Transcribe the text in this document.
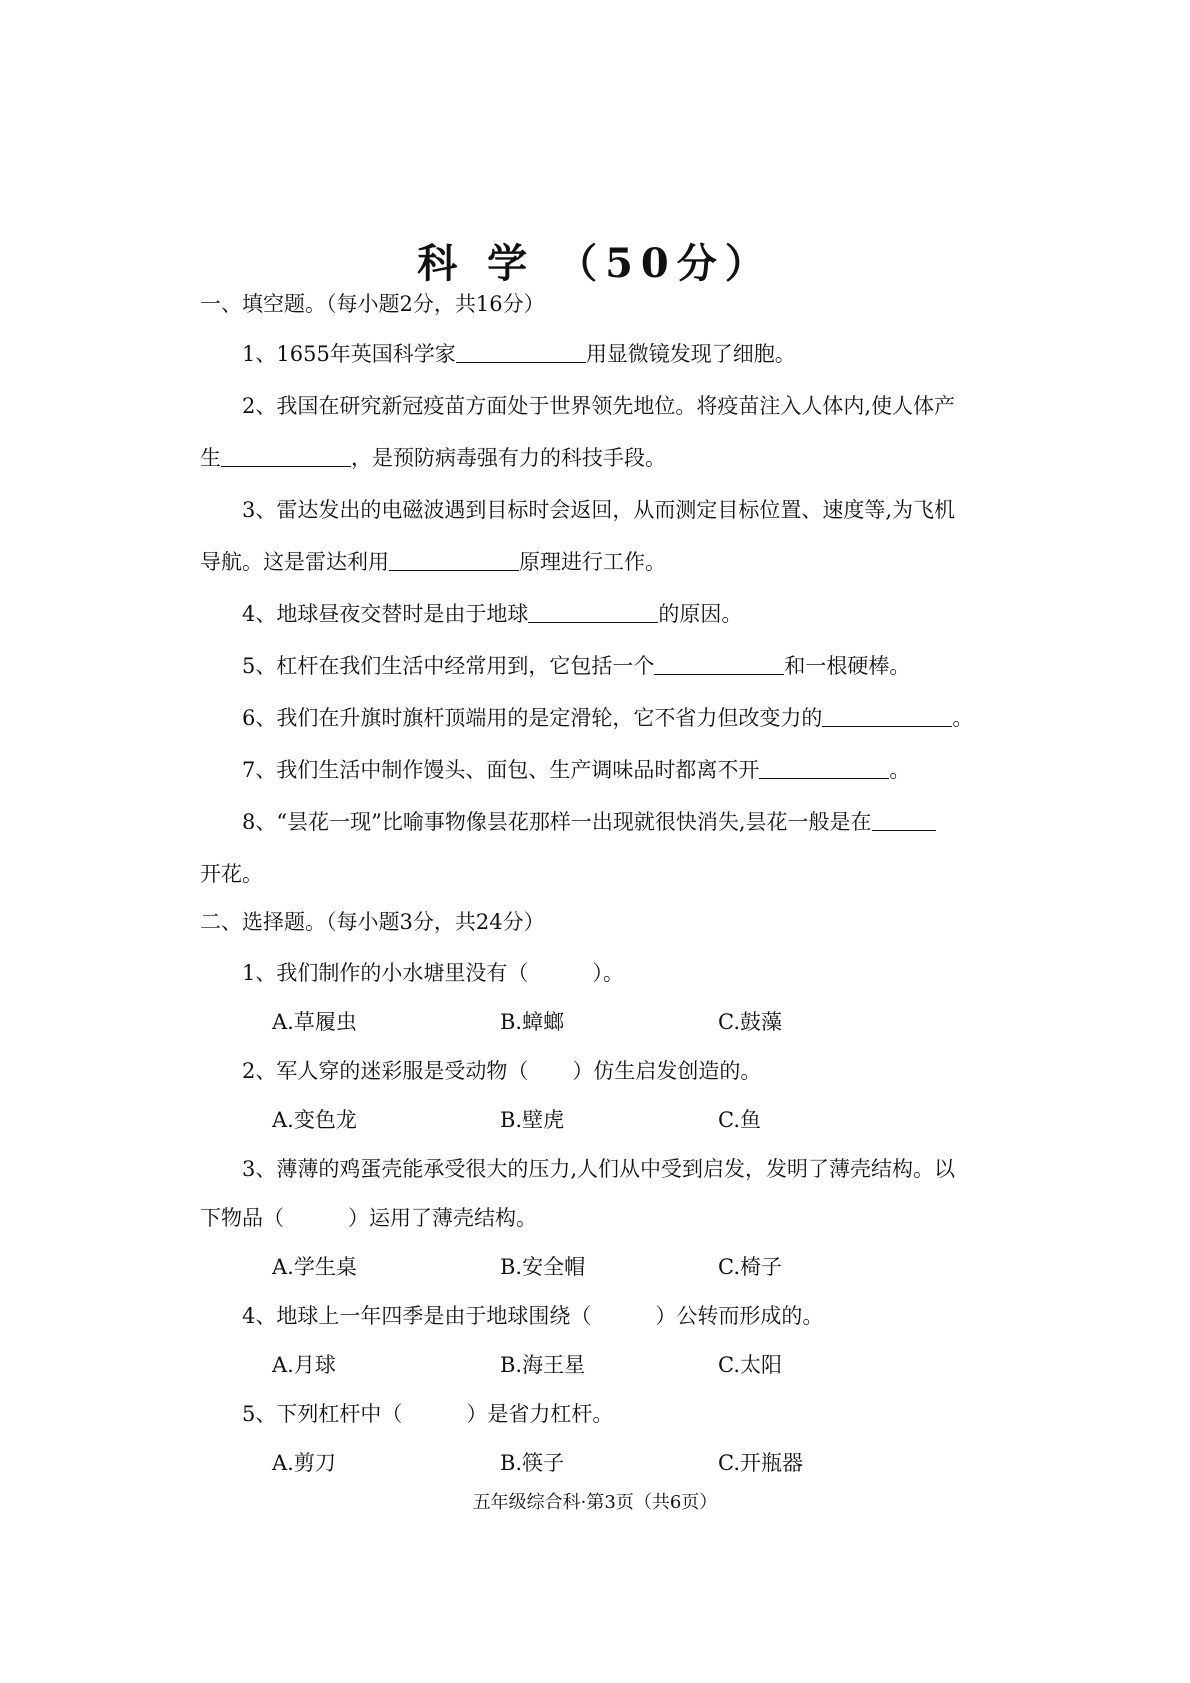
科 学 （50分）
一、填空题。（每小题2分，共16分）
1、1655年英国科学家	用显微镜发现了细胞。
2、我国在研究新冠疫苗方面处于世界领先地位。将疫苗注入人体内,使人体产
生	，是预防病毒强有力的科技手段。
3、雷达发出的电磁波遇到目标时会返回，从而测定目标位置、速度等,为飞机
导航。这是雷达利用	原理进行工作。
4、地球昼夜交替时是由于地球	的原因。
5、杠杆在我们生活中经常用到，它包括一个	和一根硬棒。
6、我们在升旗时旗杆顶端用的是定滑轮，它不省力但改变力的	。
7、我们生活中制作馒头、面包、生产调味品时都离不开	。
8、“昙花一现”比喻事物像昙花那样一出现就很快消失,昙花一般是在
开花。
二、选择题。（每小题3分，共24分）
1、我们制作的小水塘里没有（	）。
A.草履虫	B.蟑螂	C.鼓藻
2、军人穿的迷彩服是受动物（ ）仿生启发创造的。
A.变色龙	B.壁虎	C.鱼
3、薄薄的鸡蛋壳能承受很大的压力,人们从中受到启发，发明了薄壳结构。以
下物品（	）运用了薄壳结构。
A.学生桌	B.安全帽	C.椅子
4、地球上一年四季是由于地球围绕（	）公转而形成的。
A.月球	B.海王星	C.太阳
5、下列杠杆中（	）是省力杠杆。
A.剪刀	B.筷子	C.开瓶器
五年级综合科·第3页（共6页）
